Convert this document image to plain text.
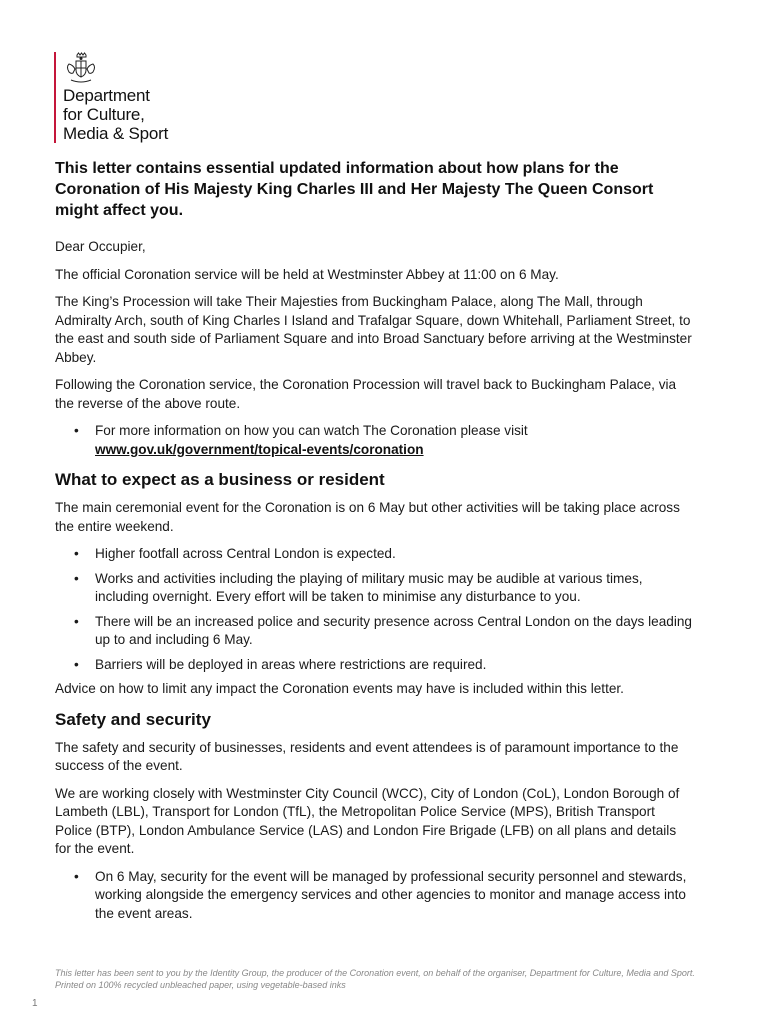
Department
for Culture,
Media & Sport
This letter contains essential updated information about how plans for the Coronation of His Majesty King Charles III and Her Majesty The Queen Consort might affect you.

Dear Occupier,

The official Coronation service will be held at Westminster Abbey at 11:00 on 6 May.

The King’s Procession will take Their Majesties from Buckingham Palace, along The Mall, through Admiralty Arch, south of King Charles I Island and Trafalgar Square, down Whitehall, Parliament Street, to the east and south side of Parliament Square and into Broad Sanctuary before arriving at the Westminster Abbey.

Following the Coronation service, the Coronation Procession will travel back to Buckingham Palace, via the reverse of the above route.

• For more information on how you can watch The Coronation please visit www.gov.uk/government/topical-events/coronation
What to expect as a business or resident

The main ceremonial event for the Coronation is on 6 May but other activities will be taking place across the entire weekend.

• Higher footfall across Central London is expected.
• Works and activities including the playing of military music may be audible at various times, including overnight. Every effort will be taken to minimise any disturbance to you.
• There will be an increased police and security presence across Central London on the days leading up to and including 6 May.
• Barriers will be deployed in areas where restrictions are required.

Advice on how to limit any impact the Coronation events may have is included within this letter.

Safety and security

The safety and security of businesses, residents and event attendees is of paramount importance to the success of the event.

We are working closely with Westminster City Council (WCC), City of London (CoL), London Borough of Lambeth (LBL), Transport for London (TfL), the Metropolitan Police Service (MPS), British Transport Police (BTP), London Ambulance Service (LAS) and London Fire Brigade (LFB) on all plans and details for the event.

• On 6 May, security for the event will be managed by professional security personnel and stewards, working alongside the emergency services and other agencies to monitor and manage access into the event areas.
This letter has been sent to you by the Identity Group, the producer of the Coronation event, on behalf of the organiser, Department for Culture, Media and Sport. Printed on 100% recycled unbleached paper, using vegetable-based inks
1
